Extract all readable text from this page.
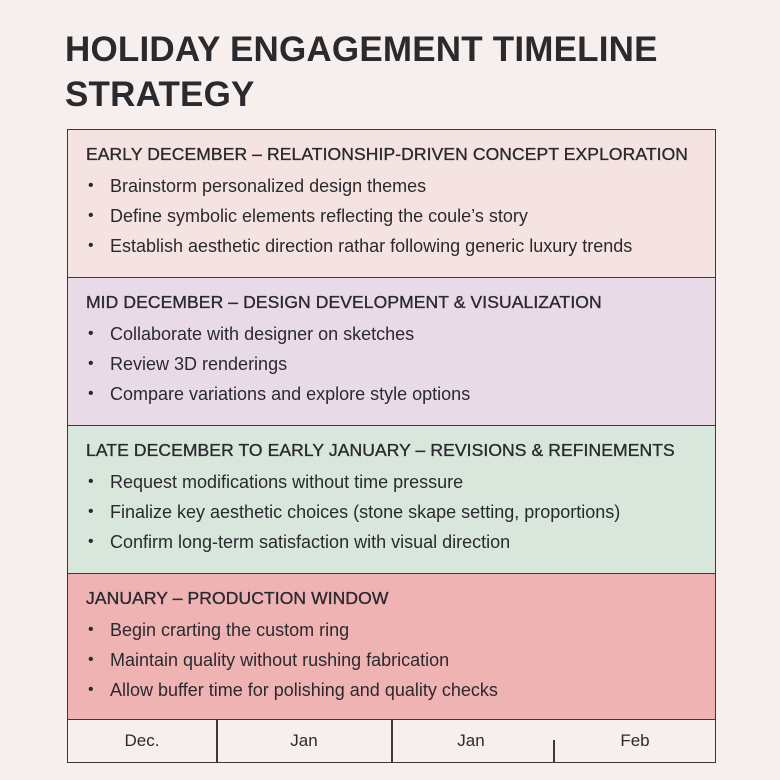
HOLIDAY ENGAGEMENT TIMELINE STRATEGY
EARLY DECEMBER – RELATIONSHIP-DRIVEN CONCEPT EXPLORATION
• Brainstorm personalized design themes
• Define symbolic elements reflecting the coule’s story
• Establish aesthetic direction rathar following generic luxury trends
MID DECEMBER – DESIGN DEVELOPMENT & VISUALIZATION
• Collaborate with designer on sketches
• Review 3D renderings
• Compare variations and explore style options
LATE DECEMBER TO EARLY JANUARY – REVISIONS & REFINEMENTS
• Request modifications without time pressure
• Finalize key aesthetic choices (stone skape setting, proportions)
• Confirm long-term satisfaction with visual direction
JANUARY – PRODUCTION WINDOW
• Begin crarting the custom ring
• Maintain quality without rushing fabrication
• Allow buffer time for polishing and quality checks
Dec.	Jan	Jan	Feb
